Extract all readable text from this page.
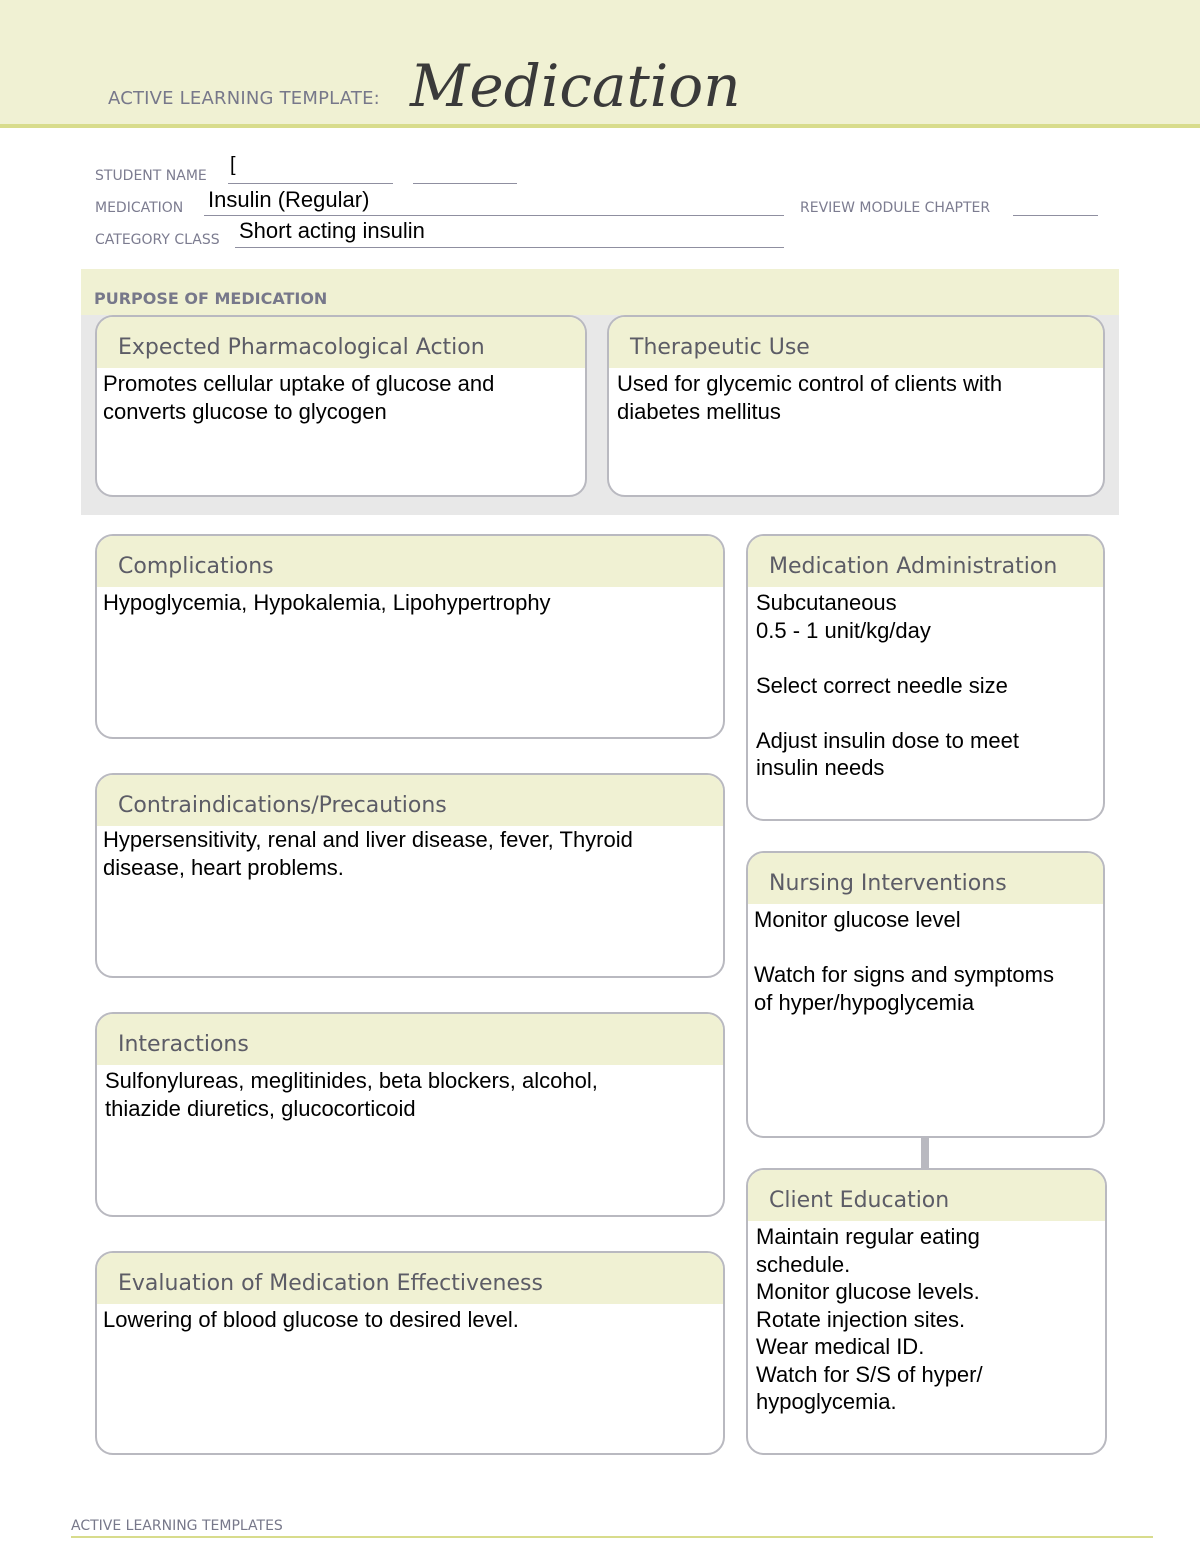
ACTIVE LEARNING TEMPLATE: Medication
STUDENT NAME [
MEDICATION Insulin (Regular)	REVIEW MODULE CHAPTER
CATEGORY CLASS Short acting insulin
PURPOSE OF MEDICATION
Expected Pharmacological Action
Promotes cellular uptake of glucose and
converts glucose to glycogen
Therapeutic Use
Used for glycemic control of clients with
diabetes mellitus
Complications
Hypoglycemia, Hypokalemia, Lipohypertrophy
Contraindications/Precautions
Hypersensitivity, renal and liver disease, fever, Thyroid
disease, heart problems.
Interactions
Sulfonylureas, meglitinides, beta blockers, alcohol,
thiazide diuretics, glucocorticoid
Evaluation of Medication Effectiveness
Lowering of blood glucose to desired level.
Medication Administration
Subcutaneous
0.5 - 1 unit/kg/day

Select correct needle size

Adjust insulin dose to meet
insulin needs
Nursing Interventions
Monitor glucose level

Watch for signs and symptoms
of hyper/hypoglycemia
Client Education
Maintain regular eating
schedule.
Monitor glucose levels.
Rotate injection sites.
Wear medical ID.
Watch for S/S of hyper/
hypoglycemia.
ACTIVE LEARNING TEMPLATES
